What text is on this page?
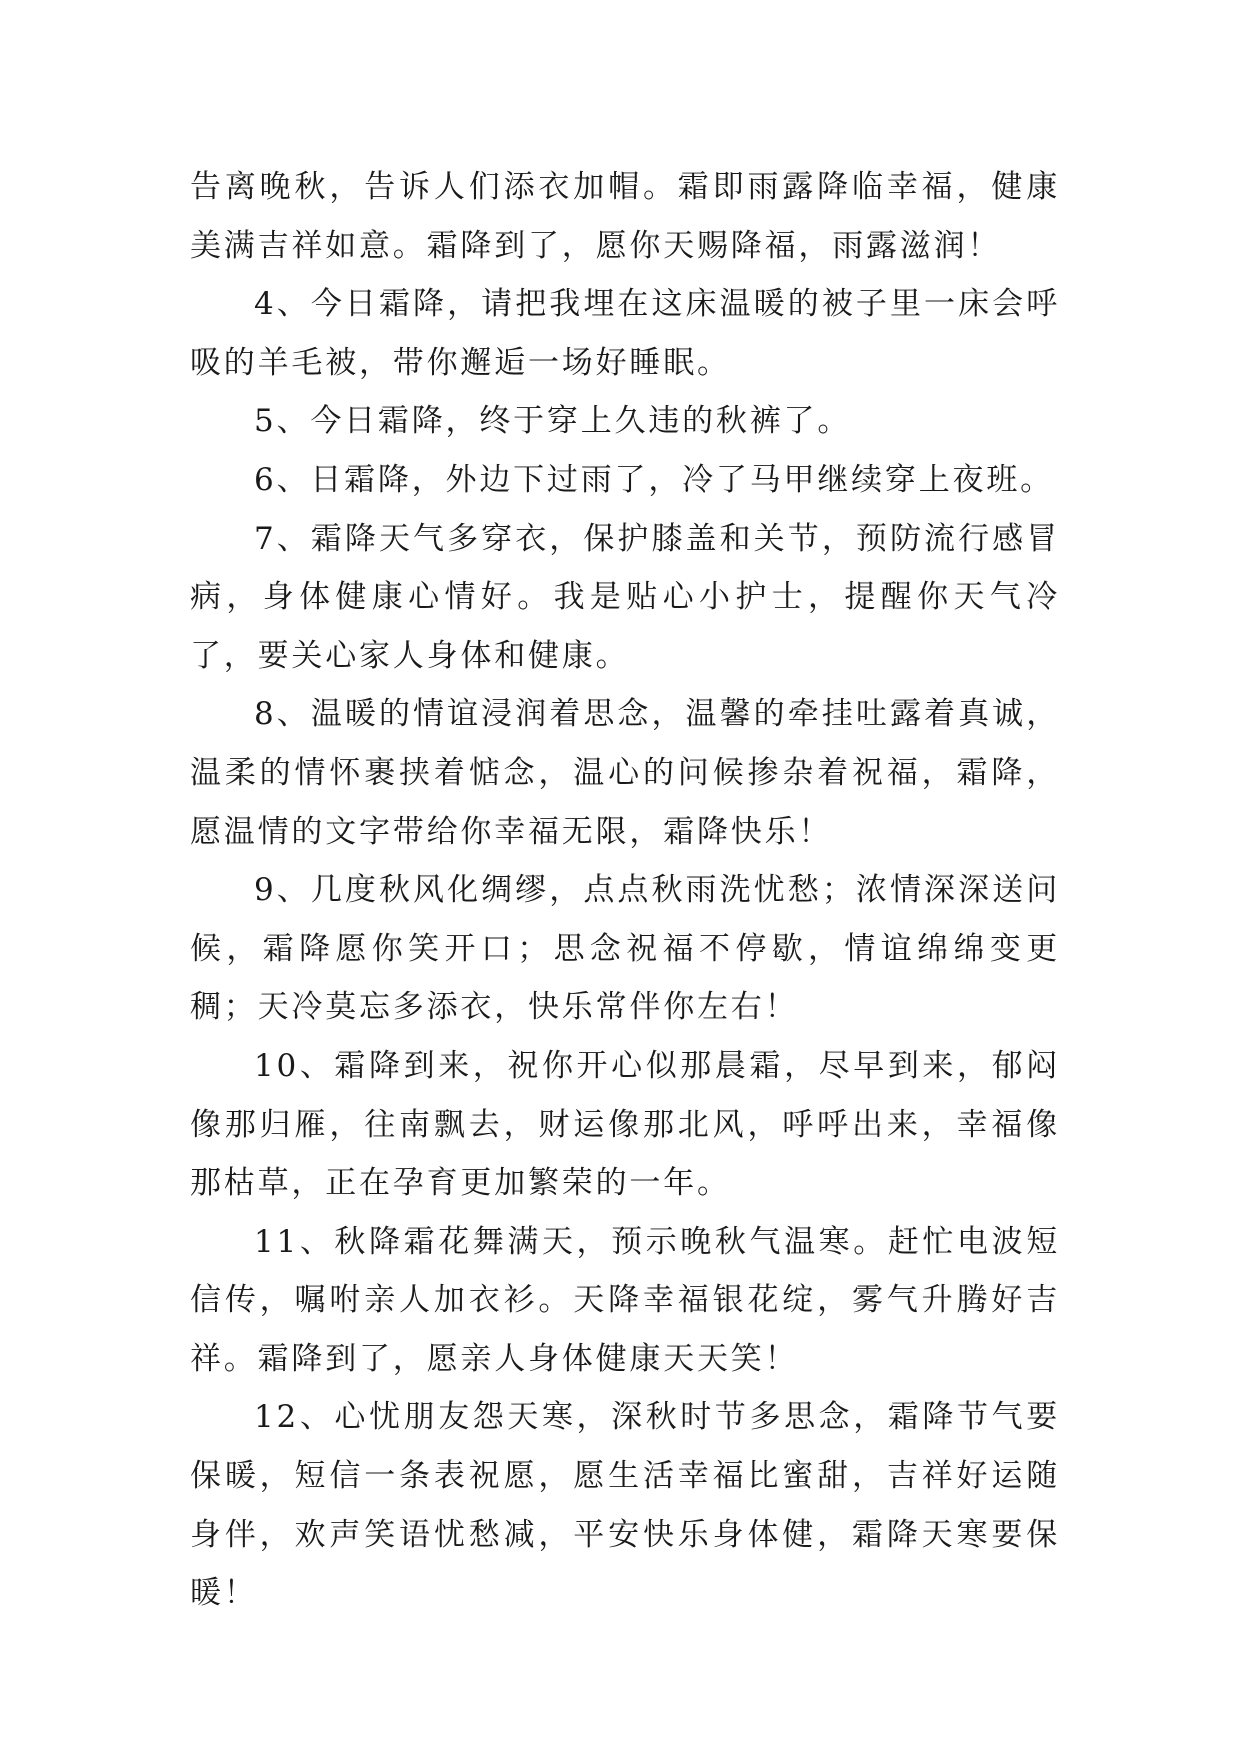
告离晚秋，告诉人们添衣加帽。霜即雨露降临幸福，健康美满吉祥如意。霜降到了，愿你天赐降福，雨露滋润！

4、今日霜降，请把我埋在这床温暖的被子里一床会呼吸的羊毛被，带你邂逅一场好睡眠。

5、今日霜降，终于穿上久违的秋裤了。

6、日霜降，外边下过雨了，冷了马甲继续穿上夜班。

7、霜降天气多穿衣，保护膝盖和关节，预防流行感冒病，身体健康心情好。我是贴心小护士，提醒你天气冷了，要关心家人身体和健康。

8、温暖的情谊浸润着思念，温馨的牵挂吐露着真诚，温柔的情怀裹挟着惦念，温心的问候掺杂着祝福，霜降，愿温情的文字带给你幸福无限，霜降快乐！

9、几度秋风化绸缪，点点秋雨洗忧愁；浓情深深送问候，霜降愿你笑开口；思念祝福不停歇，情谊绵绵变更稠；天冷莫忘多添衣，快乐常伴你左右！

10、霜降到来，祝你开心似那晨霜，尽早到来，郁闷像那归雁，往南飘去，财运像那北风，呼呼出来，幸福像那枯草，正在孕育更加繁荣的一年。

11、秋降霜花舞满天，预示晚秋气温寒。赶忙电波短信传，嘱咐亲人加衣衫。天降幸福银花绽，雾气升腾好吉祥。霜降到了，愿亲人身体健康天天笑！

12、心忧朋友怨天寒，深秋时节多思念，霜降节气要保暖，短信一条表祝愿，愿生活幸福比蜜甜，吉祥好运随身伴，欢声笑语忧愁减，平安快乐身体健，霜降天寒要保暖！
